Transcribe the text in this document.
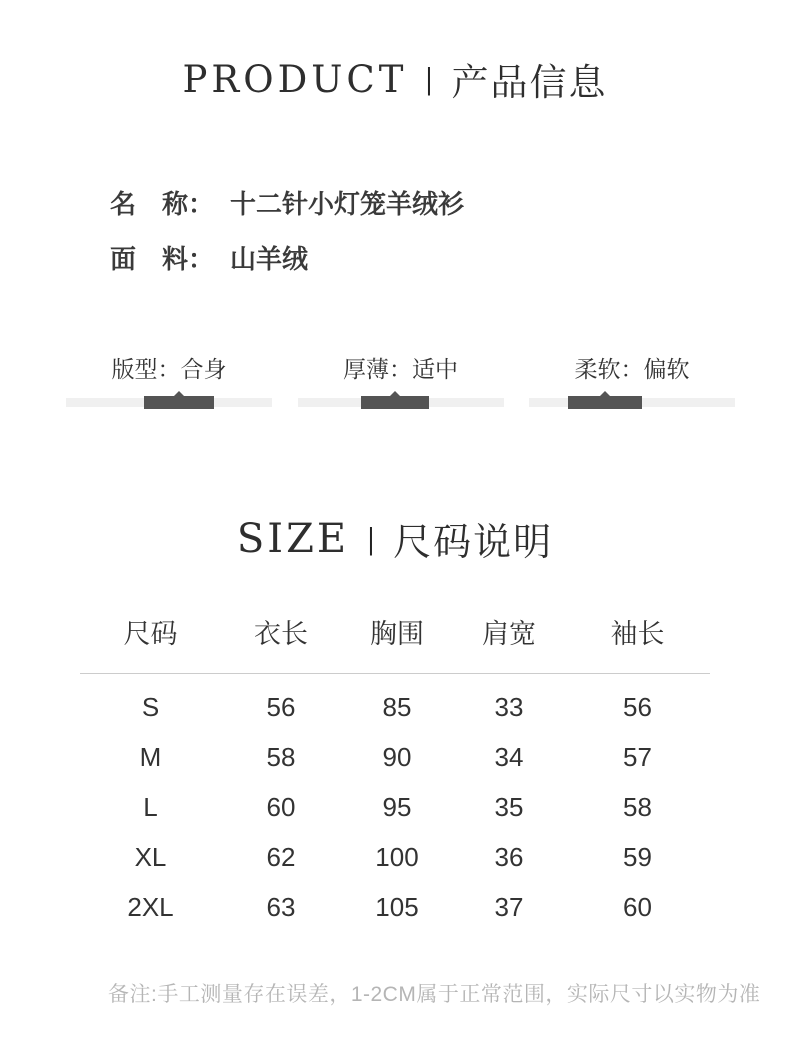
PRODUCT | 产品信息
名　称： 十二针小灯笼羊绒衫
面　料： 山羊绒
版型：合身	厚薄：适中	柔软：偏软
SIZE | 尺码说明
尺码	衣长	胸围	肩宽	袖长
S	56	85	33	56
M	58	90	34	57
L	60	95	35	58
XL	62	100	36	59
2XL	63	105	37	60
备注:手工测量存在误差，1-2CM属于正常范围，实际尺寸以实物为准
